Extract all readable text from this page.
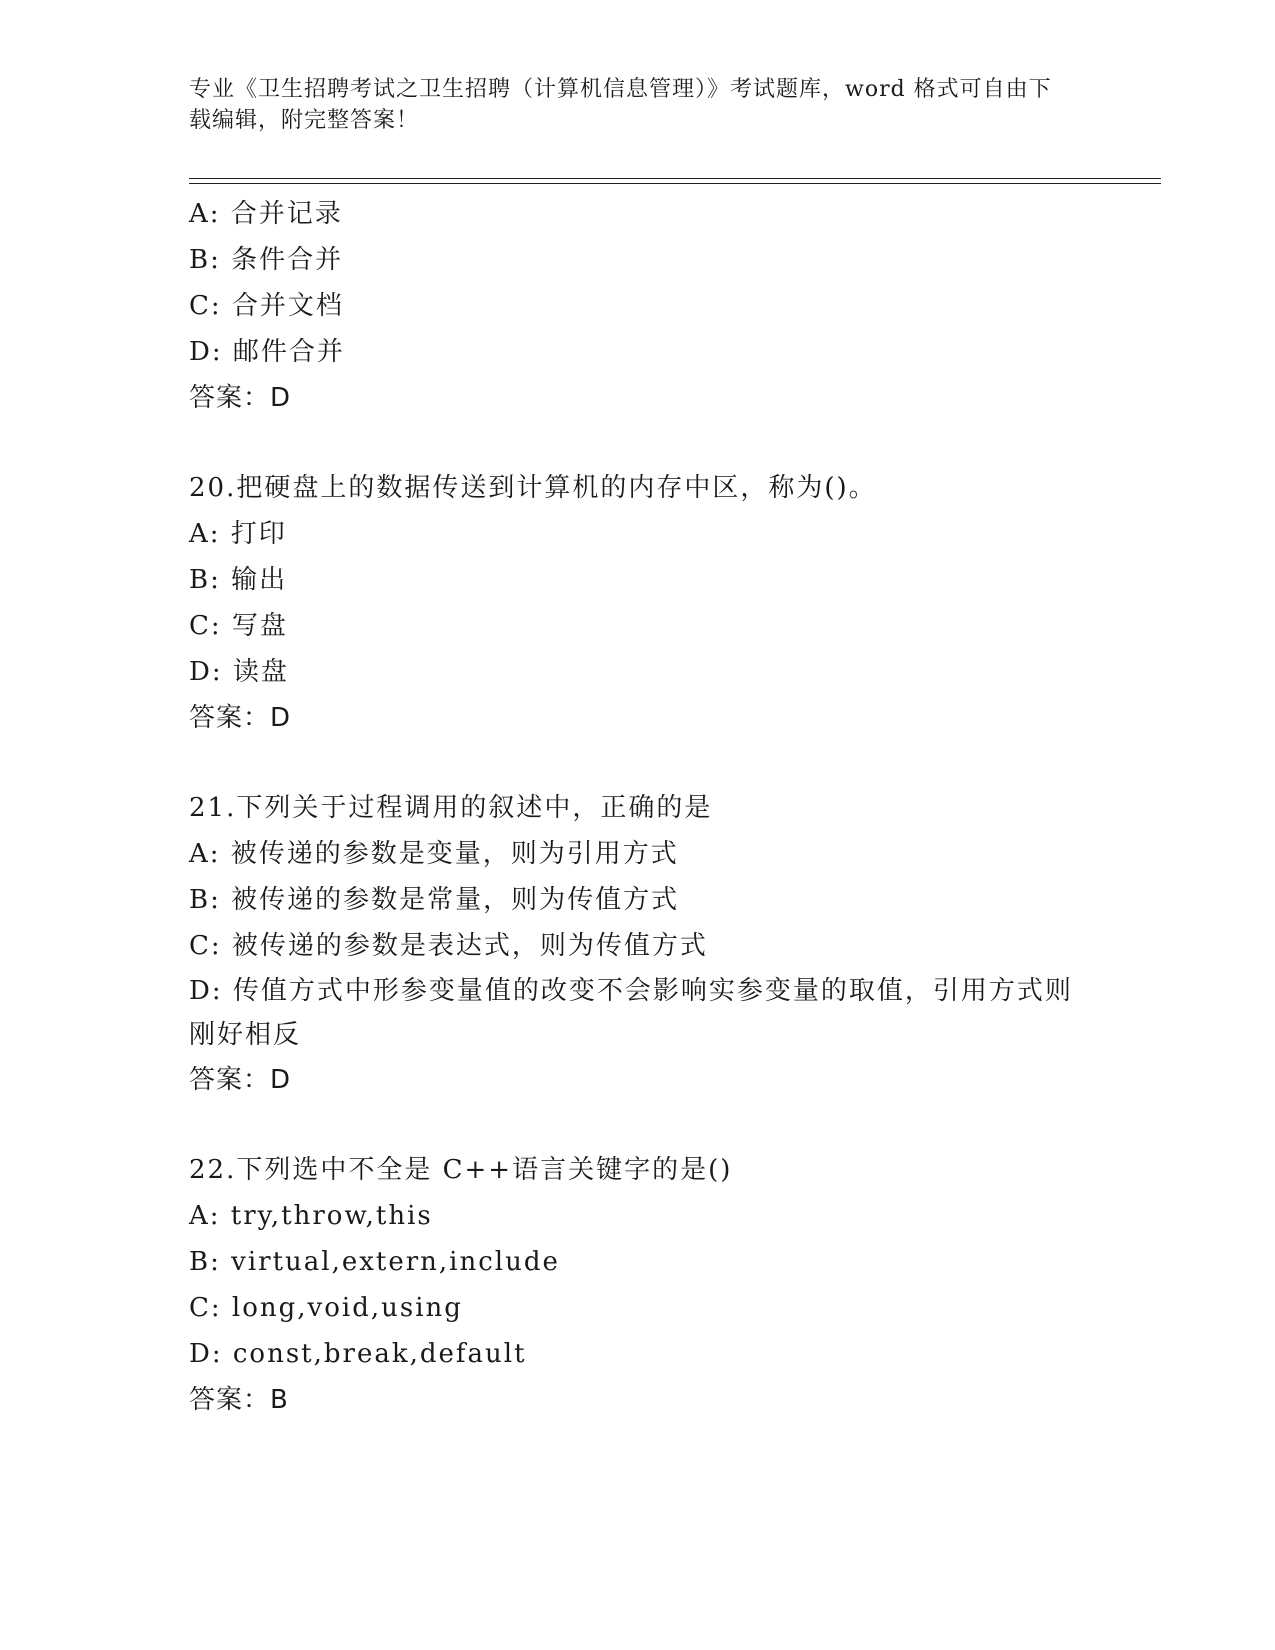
专业《卫生招聘考试之卫生招聘（计算机信息管理）》考试题库，word 格式可自由下载编辑，附完整答案！
A: 合并记录
B: 条件合并
C: 合并文档
D: 邮件合并
答案：D
20.把硬盘上的数据传送到计算机的内存中区，称为()。
A: 打印
B: 输出
C: 写盘
D: 读盘
答案：D
21.下列关于过程调用的叙述中，正确的是
A: 被传递的参数是变量，则为引用方式
B: 被传递的参数是常量，则为传值方式
C: 被传递的参数是表达式，则为传值方式
D: 传值方式中形参变量值的改变不会影响实参变量的取值，引用方式则刚好相反
答案：D
22.下列选中不全是 C++语言关键字的是()
A: try,throw,this
B: virtual,extern,include
C: long,void,using
D: const,break,default
答案：B
